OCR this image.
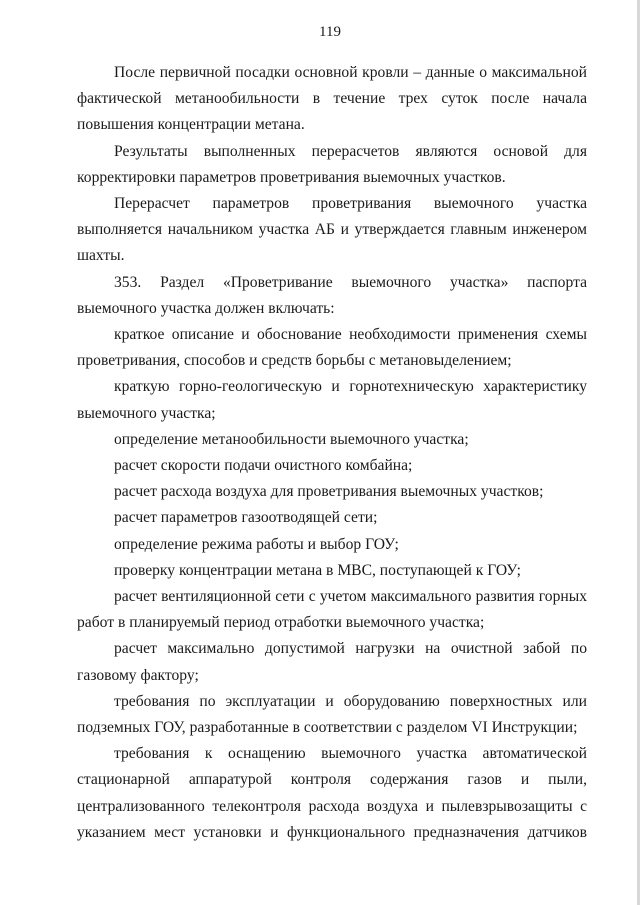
119

После первичной посадки основной кровли – данные о максимальной фактической метанообильности в течение трех суток после начала повышения концентрации метана.

Результаты выполненных перерасчетов являются основой для корректировки параметров проветривания выемочных участков.

Перерасчет параметров проветривания выемочного участка выполняется начальником участка АБ и утверждается главным инженером шахты.

353. Раздел «Проветривание выемочного участка» паспорта выемочного участка должен включать:

краткое описание и обоснование необходимости применения схемы проветривания, способов и средств борьбы с метановыделением;

краткую горно-геологическую и горнотехническую характеристику выемочного участка;

определение метанообильности выемочного участка;

расчет скорости подачи очистного комбайна;

расчет расхода воздуха для проветривания выемочных участков;

расчет параметров газоотводящей сети;

определение режима работы и выбор ГОУ;

проверку концентрации метана в МВС, поступающей к ГОУ;

расчет вентиляционной сети с учетом максимального развития горных работ в планируемый период отработки выемочного участка;

расчет максимально допустимой нагрузки на очистной забой по газовому фактору;

требования по эксплуатации и оборудованию поверхностных или подземных ГОУ, разработанные в соответствии с разделом VI Инструкции;

требования к оснащению выемочного участка автоматической стационарной аппаратурой контроля содержания газов и пыли, централизованного телеконтроля расхода воздуха и пылевзрывозащиты с указанием мест установки и функционального предназначения датчиков
